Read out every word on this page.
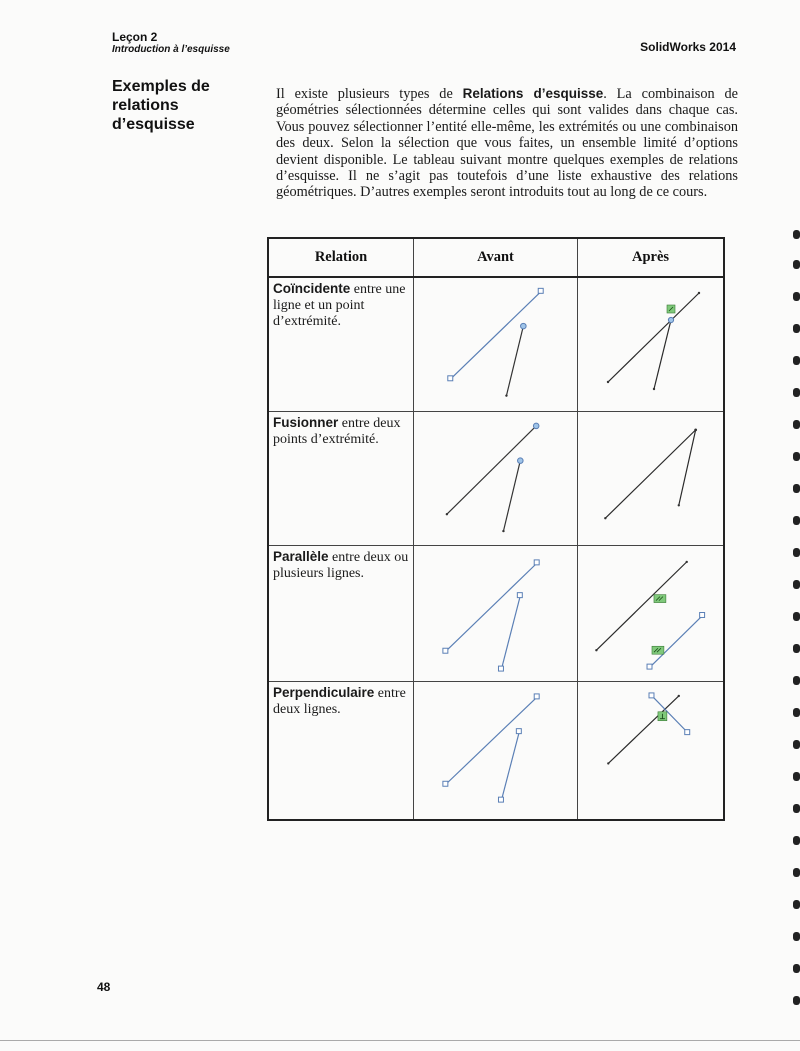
Leçon 2
Introduction à l’esquisse	SolidWorks 2014
Exemples de
relations
d’esquisse
Il existe plusieurs types de Relations d’esquisse. La combinaison de géométries sélectionnées détermine celles qui sont valides dans chaque cas. Vous pouvez sélectionner l’entité elle-même, les extrémités ou une combinaison des deux. Selon la sélection que vous faites, un ensemble limité d’options devient disponible. Le tableau suivant montre quelques exemples de relations d’esquisse. Il ne s’agit pas toutefois d’une liste exhaustive des relations géométriques. D’autres exemples seront introduits tout au long de ce cours.
Relation	Avant	Après
Coïncidente entre une ligne et un point d’extrémité.
Fusionner entre deux points d’extrémité.
Parallèle entre deux ou plusieurs lignes.
Perpendiculaire entre deux lignes.
48
